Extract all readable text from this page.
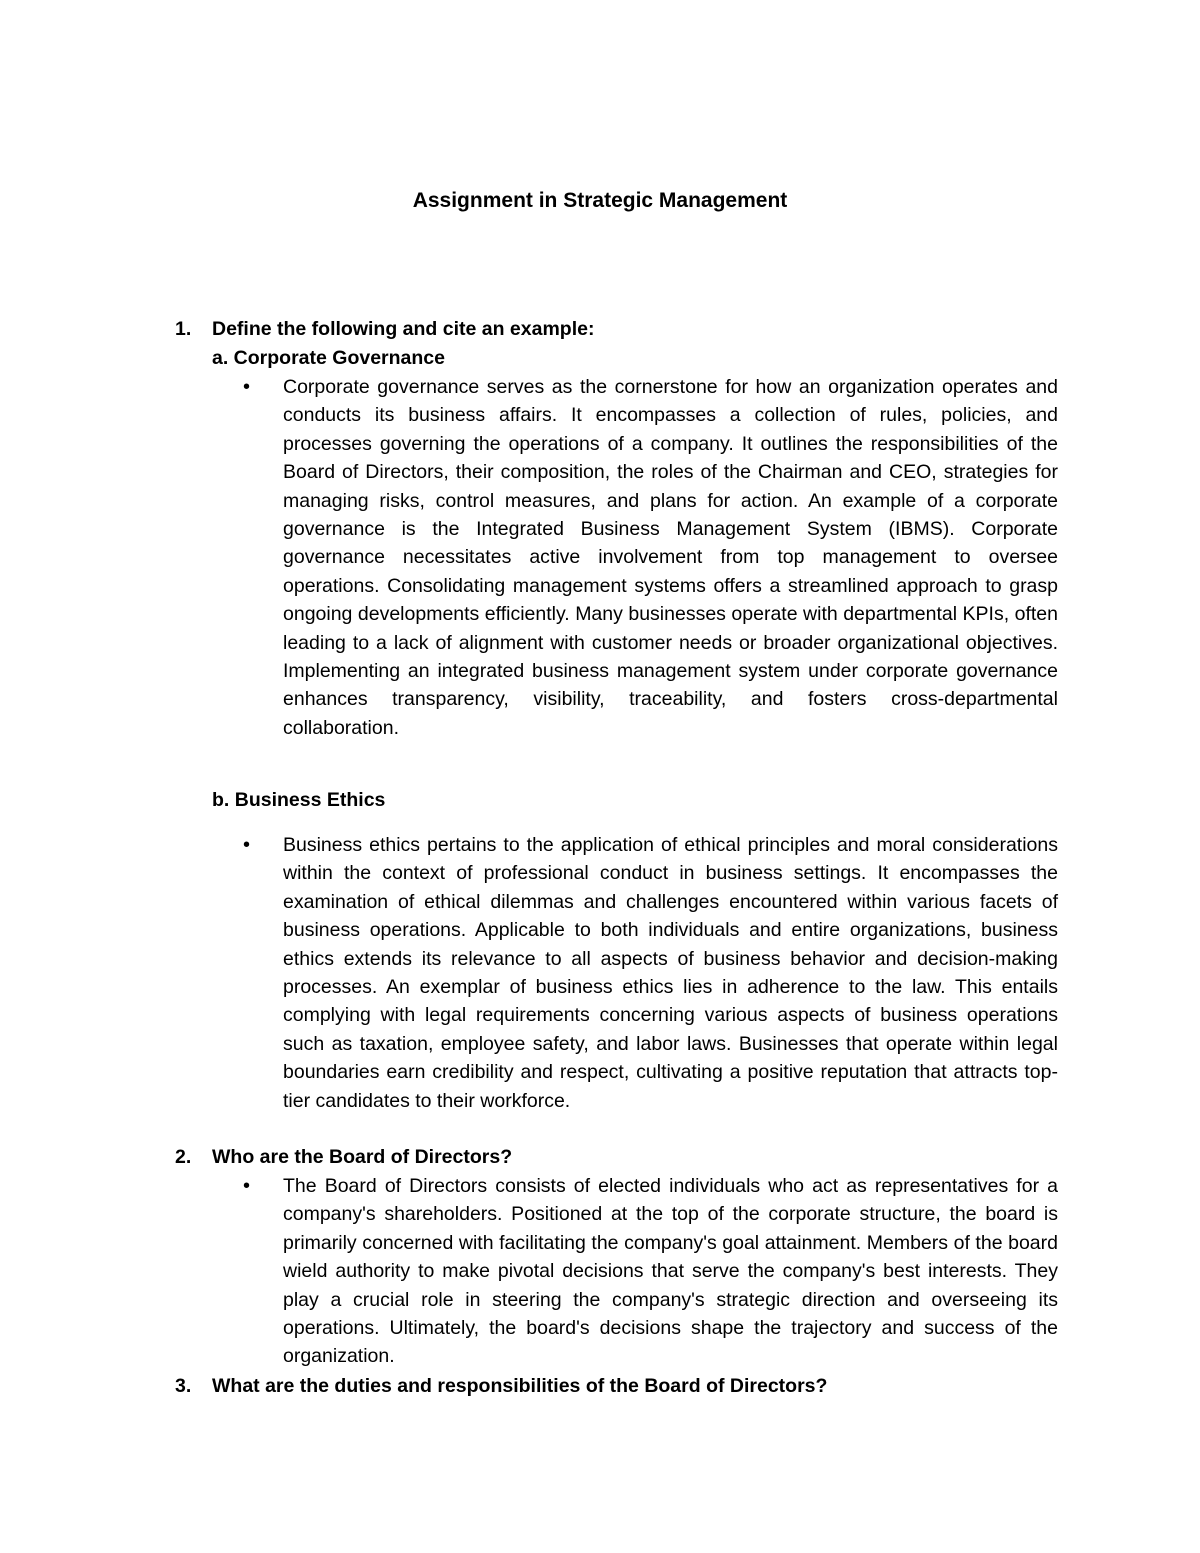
Assignment in Strategic Management
1. Define the following and cite an example:
a. Corporate Governance
• Corporate governance serves as the cornerstone for how an organization operates and conducts its business affairs. It encompasses a collection of rules, policies, and processes governing the operations of a company. It outlines the responsibilities of the Board of Directors, their composition, the roles of the Chairman and CEO, strategies for managing risks, control measures, and plans for action. An example of a corporate governance is the Integrated Business Management System (IBMS). Corporate governance necessitates active involvement from top management to oversee operations. Consolidating management systems offers a streamlined approach to grasp ongoing developments efficiently. Many businesses operate with departmental KPIs, often leading to a lack of alignment with customer needs or broader organizational objectives. Implementing an integrated business management system under corporate governance enhances transparency, visibility, traceability, and fosters cross-departmental collaboration.
b. Business Ethics
• Business ethics pertains to the application of ethical principles and moral considerations within the context of professional conduct in business settings. It encompasses the examination of ethical dilemmas and challenges encountered within various facets of business operations. Applicable to both individuals and entire organizations, business ethics extends its relevance to all aspects of business behavior and decision-making processes. An exemplar of business ethics lies in adherence to the law. This entails complying with legal requirements concerning various aspects of business operations such as taxation, employee safety, and labor laws. Businesses that operate within legal boundaries earn credibility and respect, cultivating a positive reputation that attracts top-tier candidates to their workforce.
2. Who are the Board of Directors?
• The Board of Directors consists of elected individuals who act as representatives for a company's shareholders. Positioned at the top of the corporate structure, the board is primarily concerned with facilitating the company's goal attainment. Members of the board wield authority to make pivotal decisions that serve the company's best interests. They play a crucial role in steering the company's strategic direction and overseeing its operations. Ultimately, the board's decisions shape the trajectory and success of the organization.
3. What are the duties and responsibilities of the Board of Directors?
